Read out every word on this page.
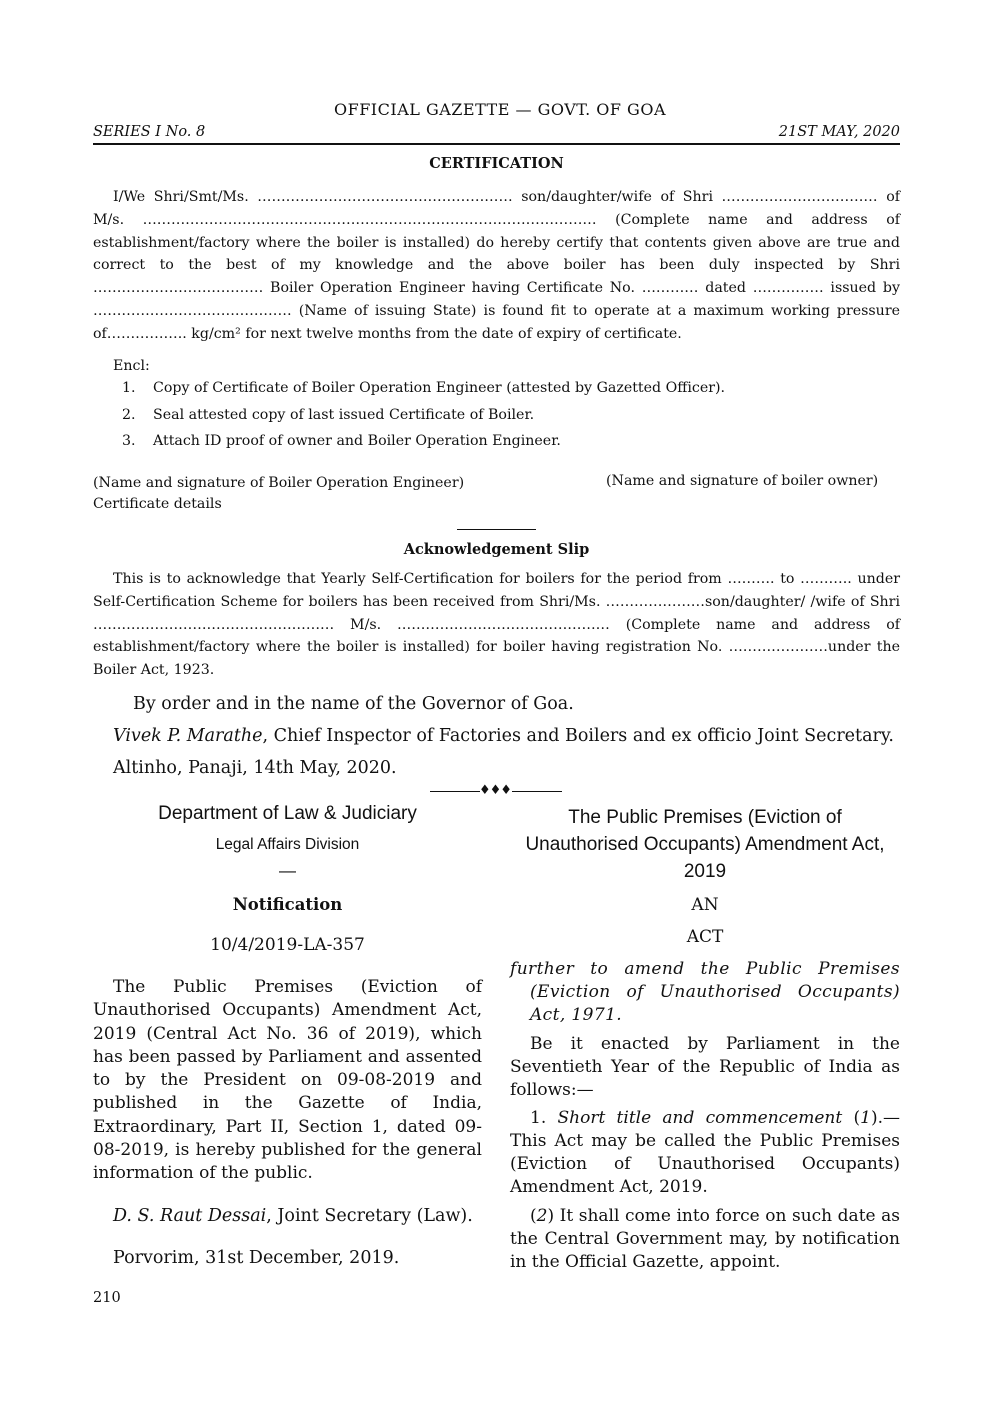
OFFICIAL GAZETTE — GOVT. OF GOA
SERIES I No. 8	21ST MAY, 2020
CERTIFICATION

I/We Shri/Smt/Ms. ……………………………………………… son/daughter/wife of Shri …………………………… of M/s. …………………………………………………………………………………… (Complete name and address of establishment/factory where the boiler is installed) do hereby certify that contents given above are true and correct to the best of my knowledge and the above boiler has been duly inspected by Shri ……………………………… Boiler Operation Engineer having Certificate No. ………… dated …………… issued by …………………………………… (Name of issuing State) is found fit to operate at a maximum working pressure of…………….. kg/cm² for next twelve months from the date of expiry of certificate.

Encl:
1. Copy of Certificate of Boiler Operation Engineer (attested by Gazetted Officer).
2. Seal attested copy of last issued Certificate of Boiler.
3. Attach ID proof of owner and Boiler Operation Engineer.
(Name and signature of Boiler Operation Engineer)
Certificate details
(Name and signature of boiler owner)
Acknowledgement Slip

This is to acknowledge that Yearly Self-Certification for boilers for the period from ………. to ……….. under Self-Certification Scheme for boilers has been received from Shri/Ms. …………………son/daughter/ /wife of Shri …………………………………………… M/s. ……………………………………… (Complete name and address of establishment/factory where the boiler is installed) for boiler having registration No. …………………under the Boiler Act, 1923.

By order and in the name of the Governor of Goa.
Vivek P. Marathe, Chief Inspector of Factories and Boilers and ex officio Joint Secretary.
Altinho, Panaji, 14th May, 2020.
♦♦♦
Department of Law & Judiciary
Legal Affairs Division
—
Notification
10/4/2019-LA-357

The Public Premises (Eviction of Unauthorised Occupants) Amendment Act, 2019 (Central Act No. 36 of 2019), which has been passed by Parliament and assented to by the President on 09-08-2019 and published in the Gazette of India, Extraordinary, Part II, Section 1, dated 09-08-2019, is hereby published for the general information of the public.

D. S. Raut Dessai, Joint Secretary (Law).
Porvorim, 31st December, 2019.
The Public Premises (Eviction of Unauthorised Occupants) Amendment Act, 2019
AN
ACT

further to amend the Public Premises (Eviction of Unauthorised Occupants) Act, 1971.

Be it enacted by Parliament in the Seventieth Year of the Republic of India as follows:—

1. Short title and commencement (1).— This Act may be called the Public Premises (Eviction of Unauthorised Occupants) Amendment Act, 2019.

(2) It shall come into force on such date as the Central Government may, by notification in the Official Gazette, appoint.

210
